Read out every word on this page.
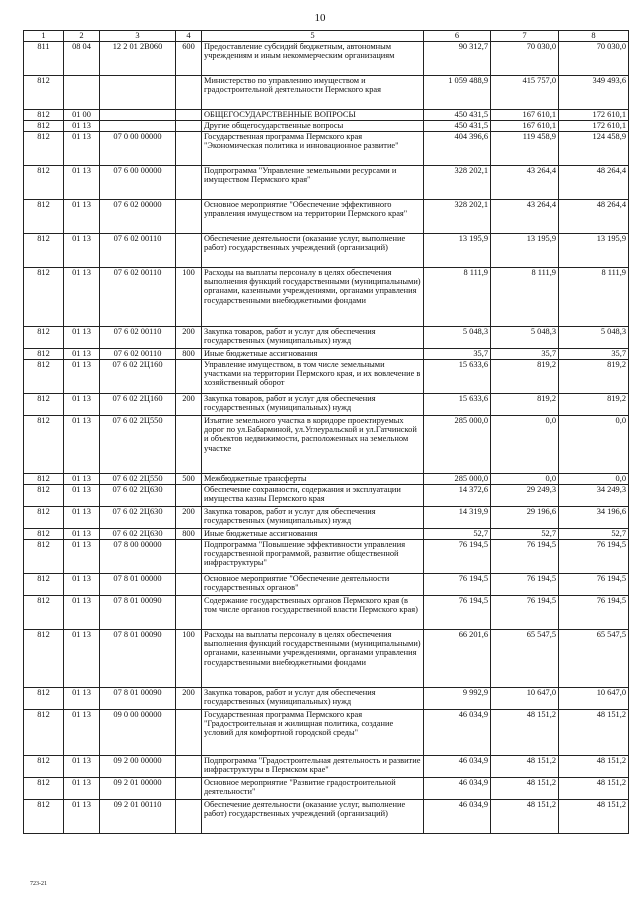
10
1	2	3	4	5	6	7	8
811	08 04	12 2 01 2B060	600	Предоставление субсидий бюджетным, автономным учреждениям и иным некоммерческим организациям	90 312,7	70 030,0	70 030,0
812				Министерство по управлению имуществом и градостроительной деятельности Пермского края	1 059 488,9	415 757,0	349 493,6
812	01 00			ОБЩЕГОСУДАРСТВЕННЫЕ ВОПРОСЫ	450 431,5	167 610,1	172 610,1
812	01 13			Другие общегосударственные вопросы	450 431,5	167 610,1	172 610,1
812	01 13	07 0 00 00000		Государственная программа Пермского края "Экономическая политика и инновационное развитие"	404 396,6	119 458,9	124 458,9
812	01 13	07 6 00 00000		Подпрограмма "Управление земельными ресурсами и имуществом Пермского края"	328 202,1	43 264,4	48 264,4
812	01 13	07 6 02 00000		Основное мероприятие "Обеспечение эффективного управления имуществом на территории Пермского края"	328 202,1	43 264,4	48 264,4
812	01 13	07 6 02 00110		Обеспечение деятельности (оказание услуг, выполнение работ) государственных учреждений (организаций)	13 195,9	13 195,9	13 195,9
812	01 13	07 6 02 00110	100	Расходы на выплаты персоналу в целях обеспечения выполнения функций государственными (муниципальными) органами, казенными учреждениями, органами управления государственными внебюджетными фондами	8 111,9	8 111,9	8 111,9
812	01 13	07 6 02 00110	200	Закупка товаров, работ и услуг для обеспечения государственных (муниципальных) нужд	5 048,3	5 048,3	5 048,3
812	01 13	07 6 02 00110	800	Иные бюджетные ассигнования	35,7	35,7	35,7
812	01 13	07 6 02 2Ц160		Управление имуществом, в том числе земельными участками на территории Пермского края, и их вовлечение в хозяйственный оборот	15 633,6	819,2	819,2
812	01 13	07 6 02 2Ц160	200	Закупка товаров, работ и услуг для обеспечения государственных (муниципальных) нужд	15 633,6	819,2	819,2
812	01 13	07 6 02 2Ц550		Изъятие земельного участка в коридоре проектируемых дорог по ул.Бабарминой, ул.Углеуральской и ул.Гатчинской и объектов недвижимости, расположенных на земельном участке	285 000,0	0,0	0,0
812	01 13	07 6 02 2Ц550	500	Межбюджетные трансферты	285 000,0	0,0	0,0
812	01 13	07 6 02 2Ц630		Обеспечение сохранности, содержания и эксплуатации имущества казны Пермского края	14 372,6	29 249,3	34 249,3
812	01 13	07 6 02 2Ц630	200	Закупка товаров, работ и услуг для обеспечения государственных (муниципальных) нужд	14 319,9	29 196,6	34 196,6
812	01 13	07 6 02 2Ц630	800	Иные бюджетные ассигнования	52,7	52,7	52,7
812	01 13	07 8 00 00000		Подпрограмма "Повышение эффективности управления государственной программой, развитие общественной инфраструктуры"	76 194,5	76 194,5	76 194,5
812	01 13	07 8 01 00000		Основное мероприятие "Обеспечение деятельности государственных органов"	76 194,5	76 194,5	76 194,5
812	01 13	07 8 01 00090		Содержание государственных органов Пермского края (в том числе органов государственной власти Пермского края)	76 194,5	76 194,5	76 194,5
812	01 13	07 8 01 00090	100	Расходы на выплаты персоналу в целях обеспечения выполнения функций государственными (муниципальными) органами, казенными учреждениями, органами управления государственными внебюджетными фондами	66 201,6	65 547,5	65 547,5
812	01 13	07 8 01 00090	200	Закупка товаров, работ и услуг для обеспечения государственных (муниципальных) нужд	9 992,9	10 647,0	10 647,0
812	01 13	09 0 00 00000		Государственная программа Пермского края "Градостроительная и жилищная политика, создание условий для комфортной городской среды"	46 034,9	48 151,2	48 151,2
812	01 13	09 2 00 00000		Подпрограмма "Градостроительная деятельность и развитие инфраструктуры в Пермском крае"	46 034,9	48 151,2	48 151,2
812	01 13	09 2 01 00000		Основное мероприятие "Развитие градостроительной деятельности"	46 034,9	48 151,2	48 151,2
812	01 13	09 2 01 00110		Обеспечение деятельности (оказание услуг, выполнение работ) государственных учреждений (организаций)	46 034,9	48 151,2	48 151,2
723-21
